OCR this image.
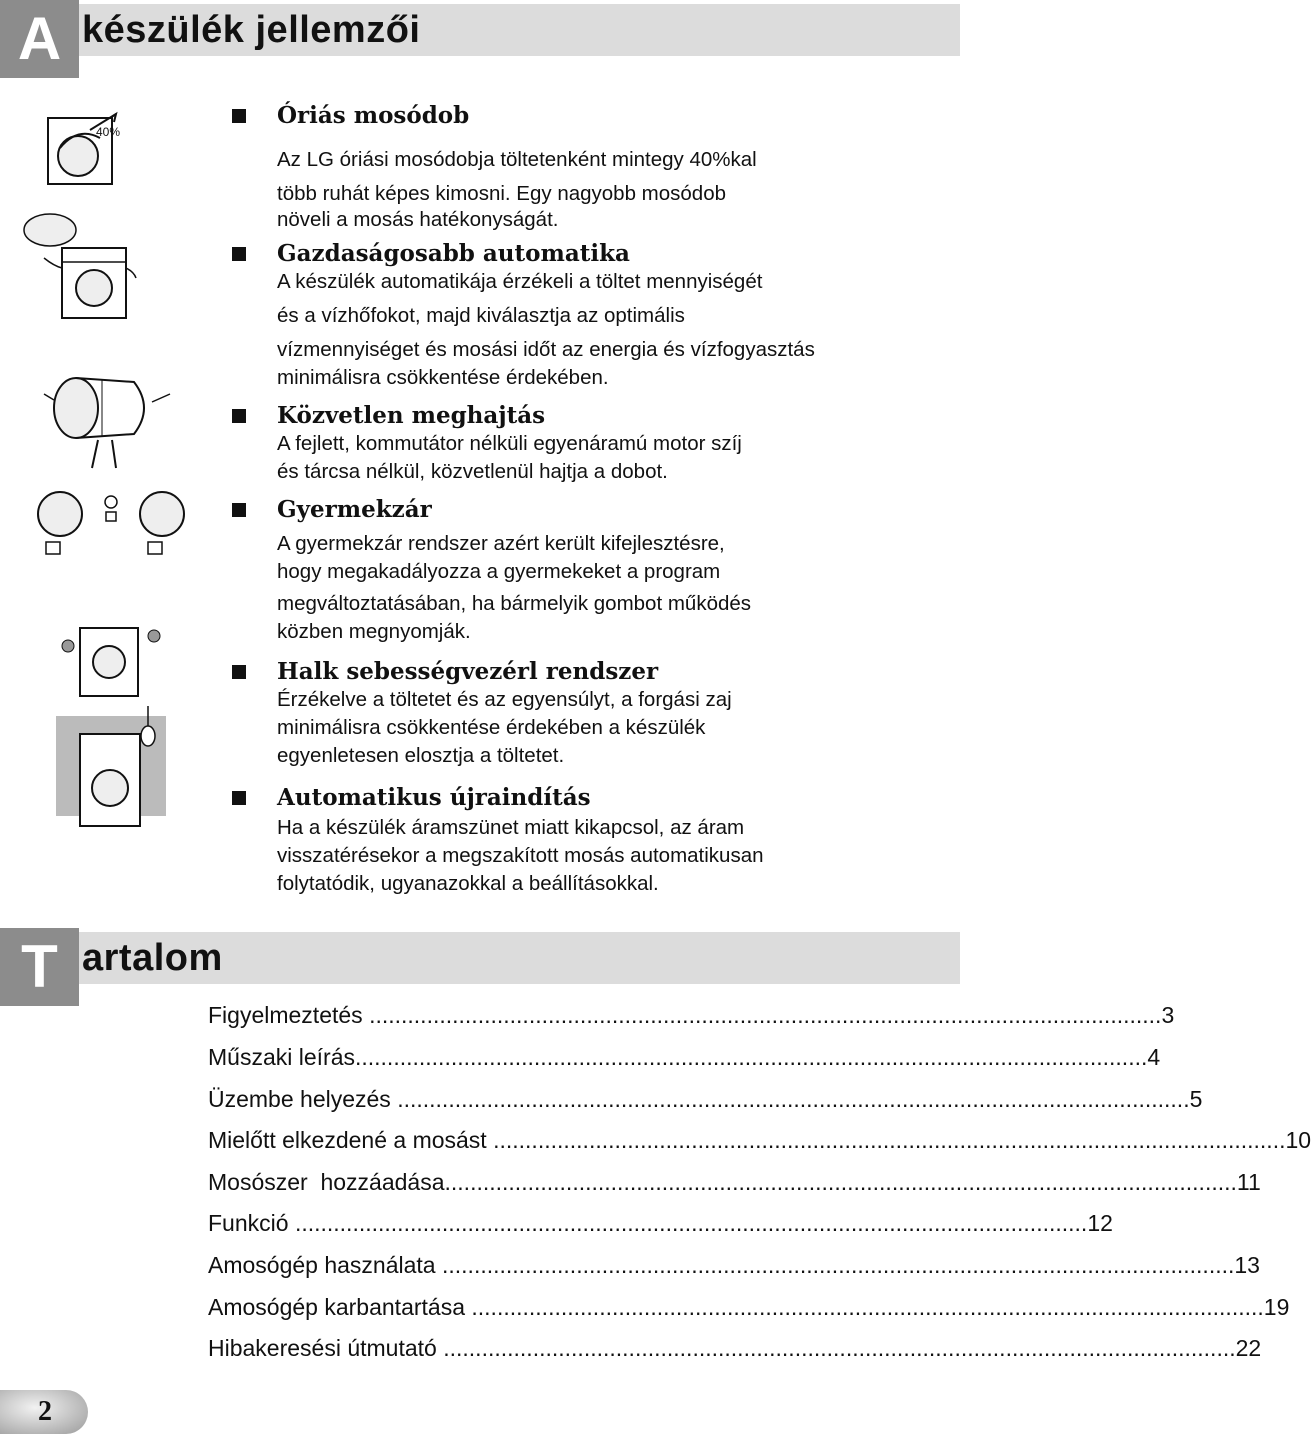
A készülék jellemzői
40%
Óriás mosódob
Az LG óriási mosódobja töltetenként mintegy 40%kal
több ruhát képes kimosni. Egy nagyobb mosódob
növeli a mosás hatékonyságát.
Gazdaságosabb automatika
A készülék automatikája érzékeli a töltet mennyiségét
és a vízhőfokot, majd kiválasztja az optimális
vízmennyiséget és mosási időt az energia és vízfogyasztás
minimálisra csökkentése érdekében.
Közvetlen meghajtás
A fejlett, kommutátor nélküli egyenáramú motor szíj
és tárcsa nélkül, közvetlenül hajtja a dobot.
Gyermekzár
A gyermekzár rendszer azért került kifejlesztésre,
hogy megakadályozza a gyermekeket a program
megváltoztatásában, ha bármelyik gombot működés
közben megnyomják.
Halk sebességvezérl rendszer
Érzékelve a töltetet és az egyensúlyt, a forgási zaj
minimálisra csökkentése érdekében a készülék
egyenletesen elosztja a töltetet.
Automatikus újraindítás
Ha a készülék áramszünet miatt kikapcsol, az áram
visszatérésekor a megszakított mosás automatikusan
folytatódik, ugyanazokkal a beállításokkal.
T artalom
Figyelmeztetés ............................................................................................................................ 3
Műszaki leírás ............................................................................................................................ 4
Üzembe helyezés ............................................................................................................................ 5
Mielőtt elkezdené a mosást ............................................................................................................................ 10
Mosószer  hozzáadása ............................................................................................................................ 11
Funkció ............................................................................................................................ 12
Amosógép használata ............................................................................................................................ 13
Amosógép karbantartása ............................................................................................................................ 19
Hibakeresési útmutató ............................................................................................................................ 22
2
